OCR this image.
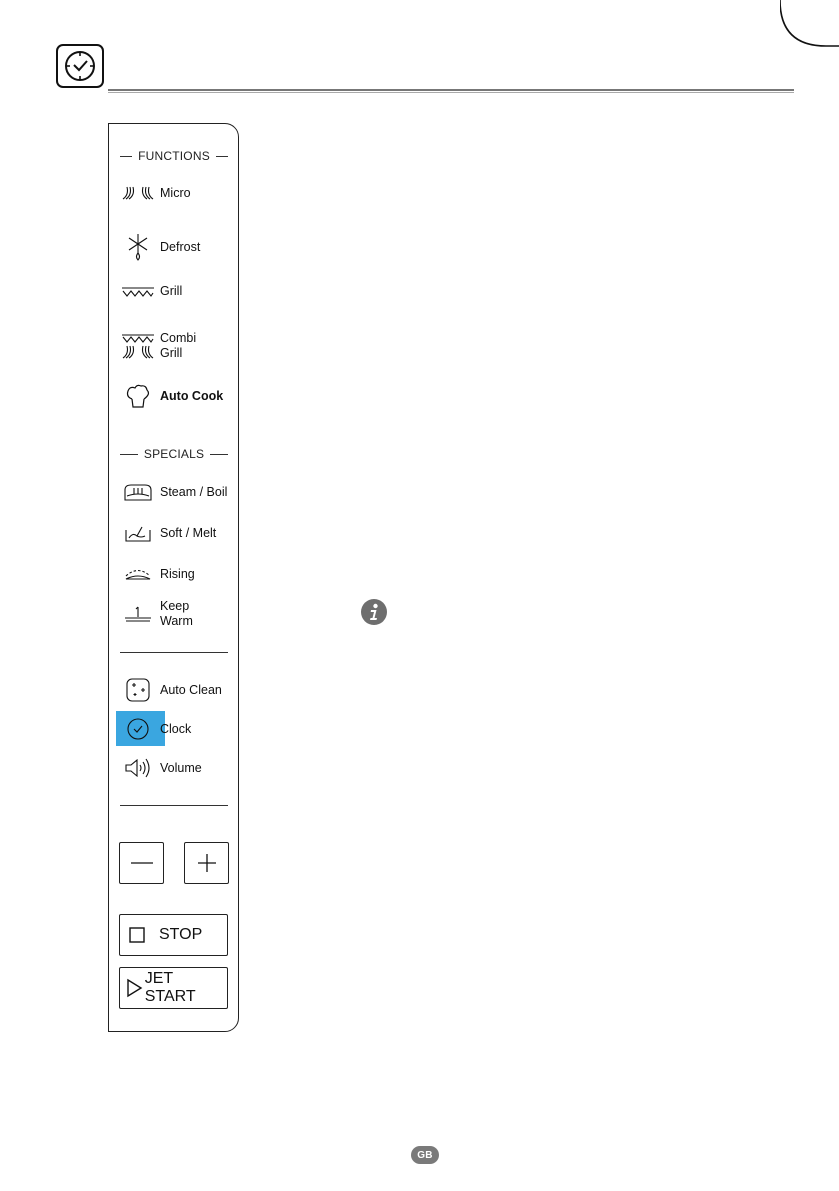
FUNCTIONS
Micro
Defrost
Grill
Combi
Grill
Auto Cook
SPECIALS
Steam / Boil
Soft / Melt
Rising
Keep
Warm
Auto Clean
Clock
Volume
STOP
JET START
GB
